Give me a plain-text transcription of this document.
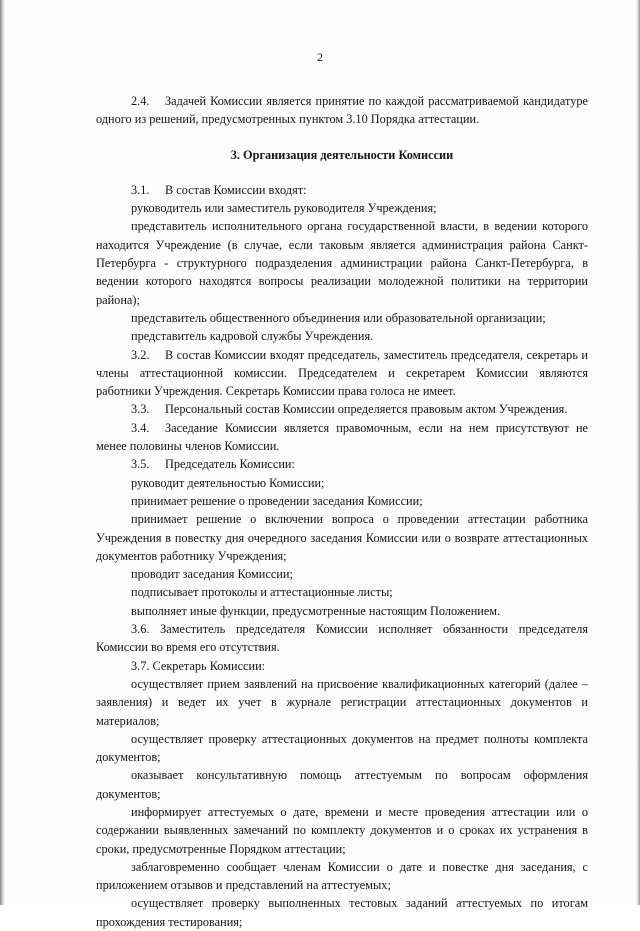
2

2.4. Задачей Комиссии является принятие по каждой рассматриваемой кандидатуре одного из решений, предусмотренных пунктом 3.10 Порядка аттестации.

3. Организация деятельности Комиссии

3.1. В состав Комиссии входят:

руководитель или заместитель руководителя Учреждения;

представитель исполнительного органа государственной власти, в ведении которого находится Учреждение (в случае, если таковым является администрация района Санкт-Петербурга - структурного подразделения администрации района Санкт-Петербурга, в ведении которого находятся вопросы реализации молодежной политики на территории района);

представитель общественного объединения или образовательной организации;

представитель кадровой службы Учреждения.

3.2. В состав Комиссии входят председатель, заместитель председателя, секретарь и члены аттестационной комиссии. Председателем и секретарем Комиссии являются работники Учреждения. Секретарь Комиссии права голоса не имеет.

3.3. Персональный состав Комиссии определяется правовым актом Учреждения.

3.4. Заседание Комиссии является правомочным, если на нем присутствуют не менее половины членов Комиссии.

3.5. Председатель Комиссии:

руководит деятельностью Комиссии;

принимает решение о проведении заседания Комиссии;

принимает решение о включении вопроса о проведении аттестации работника Учреждения в повестку дня очередного заседания Комиссии или о возврате аттестационных документов работнику Учреждения;

проводит заседания Комиссии;

подписывает протоколы и аттестационные листы;

выполняет иные функции, предусмотренные настоящим Положением.

3.6. Заместитель председателя Комиссии исполняет обязанности председателя Комиссии во время его отсутствия.

3.7. Секретарь Комиссии:

осуществляет прием заявлений на присвоение квалификационных категорий (далее – заявления) и ведет их учет в журнале регистрации аттестационных документов и материалов;

осуществляет проверку аттестационных документов на предмет полноты комплекта документов;

оказывает консультативную помощь аттестуемым по вопросам оформления документов;

информирует аттестуемых о дате, времени и месте проведения аттестации или о содержании выявленных замечаний по комплекту документов и о сроках их устранения в сроки, предусмотренные Порядком аттестации;

заблаговременно сообщает членам Комиссии о дате и повестке дня заседания, с приложением отзывов и представлений на аттестуемых;

осуществляет проверку выполненных тестовых заданий аттестуемых по итогам прохождения тестирования;
